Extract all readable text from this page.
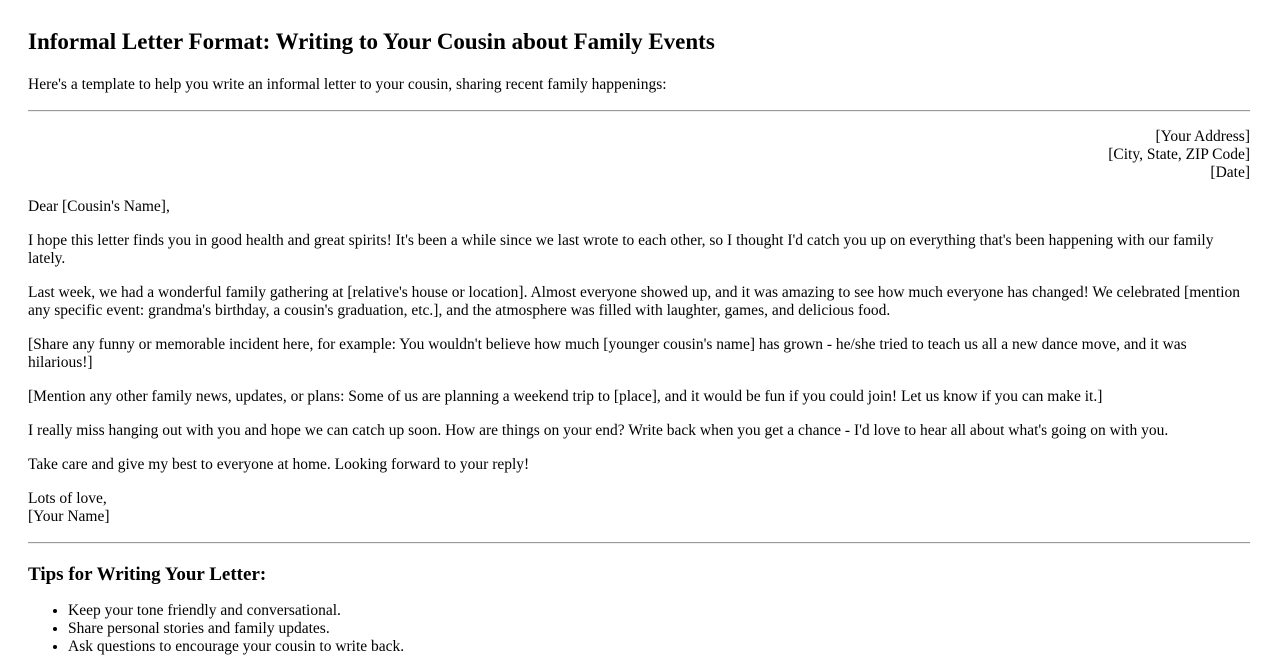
Informal Letter Format: Writing to Your Cousin about Family Events
Here's a template to help you write an informal letter to your cousin, sharing recent family happenings:
[Your Address]
[City, State, ZIP Code]
[Date]

Dear [Cousin's Name],

I hope this letter finds you in good health and great spirits! It's been a while since we last wrote to each other, so I thought I'd catch you up on everything that's been happening with our family lately.

Last week, we had a wonderful family gathering at [relative's house or location]. Almost everyone showed up, and it was amazing to see how much everyone has changed! We celebrated [mention any specific event: grandma's birthday, a cousin's graduation, etc.], and the atmosphere was filled with laughter, games, and delicious food.

[Share any funny or memorable incident here, for example: You wouldn't believe how much [younger cousin's name] has grown - he/she tried to teach us all a new dance move, and it was hilarious!]

[Mention any other family news, updates, or plans: Some of us are planning a weekend trip to [place], and it would be fun if you could join! Let us know if you can make it.]

I really miss hanging out with you and hope we can catch up soon. How are things on your end? Write back when you get a chance - I'd love to hear all about what's going on with you.

Take care and give my best to everyone at home. Looking forward to your reply!

Lots of love,
[Your Name]
Tips for Writing Your Letter:
• Keep your tone friendly and conversational.
• Share personal stories and family updates.
• Ask questions to encourage your cousin to write back.
